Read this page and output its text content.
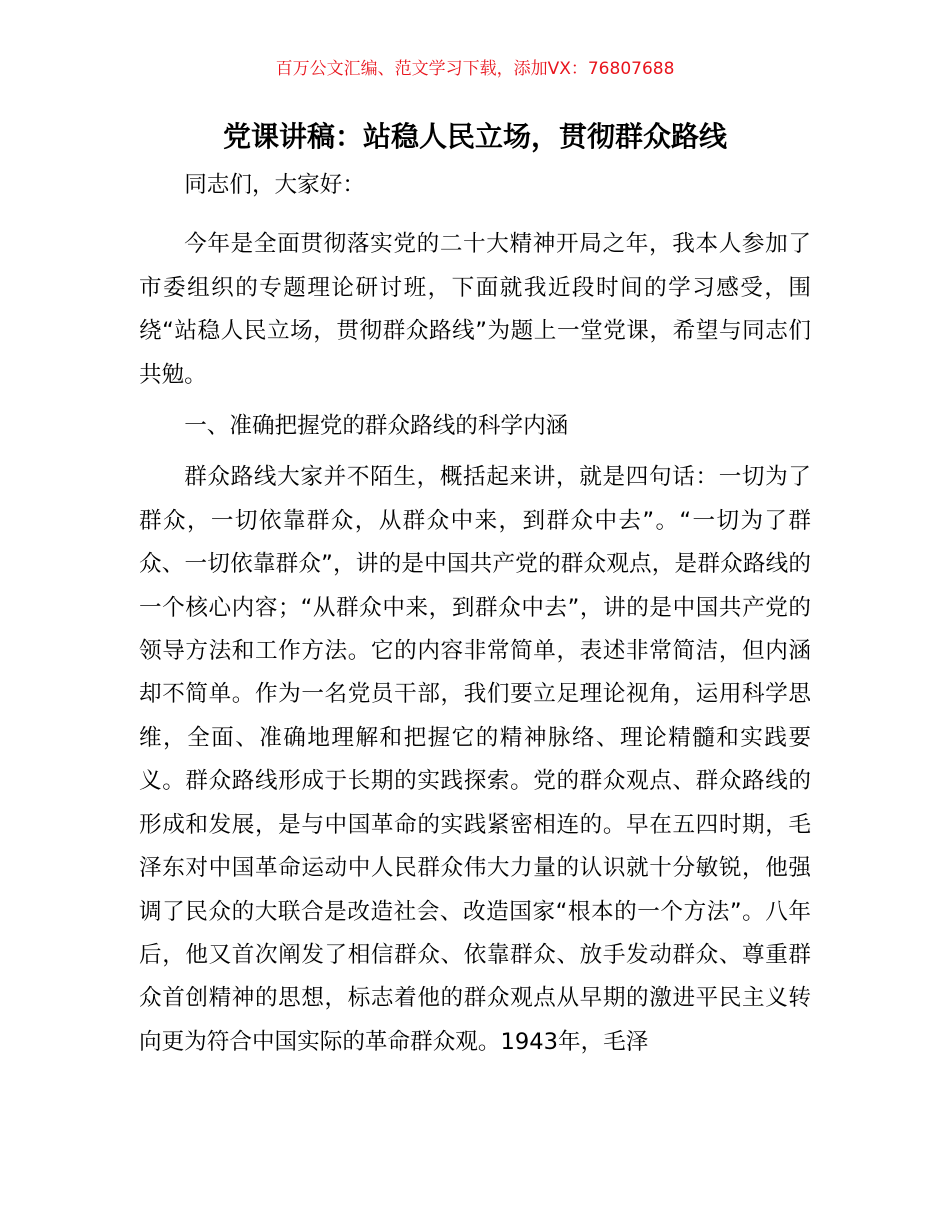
百万公文汇编、范文学习下载，添加VX：76807688
党课讲稿：站稳人民立场，贯彻群众路线

同志们，大家好：

今年是全面贯彻落实党的二十大精神开局之年，我本人参加了市委组织的专题理论研讨班，下面就我近段时间的学习感受，围绕“站稳人民立场，贯彻群众路线”为题上一堂党课，希望与同志们共勉。

一、准确把握党的群众路线的科学内涵

群众路线大家并不陌生，概括起来讲，就是四句话：一切为了群众，一切依靠群众，从群众中来，到群众中去”。“一切为了群众、一切依靠群众”，讲的是中国共产党的群众观点，是群众路线的一个核心内容；“从群众中来，到群众中去”，讲的是中国共产党的领导方法和工作方法。它的内容非常简单，表述非常简洁，但内涵却不简单。作为一名党员干部，我们要立足理论视角，运用科学思维，全面、准确地理解和把握它的精神脉络、理论精髓和实践要义。群众路线形成于长期的实践探索。党的群众观点、群众路线的形成和发展，是与中国革命的实践紧密相连的。早在五四时期，毛泽东对中国革命运动中人民群众伟大力量的认识就十分敏锐，他强调了民众的大联合是改造社会、改造国家“根本的一个方法”。八年后，他又首次阐发了相信群众、依靠群众、放手发动群众、尊重群众首创精神的思想，标志着他的群众观点从早期的激进平民主义转向更为符合中国实际的革命群众观。1943年，毛泽
